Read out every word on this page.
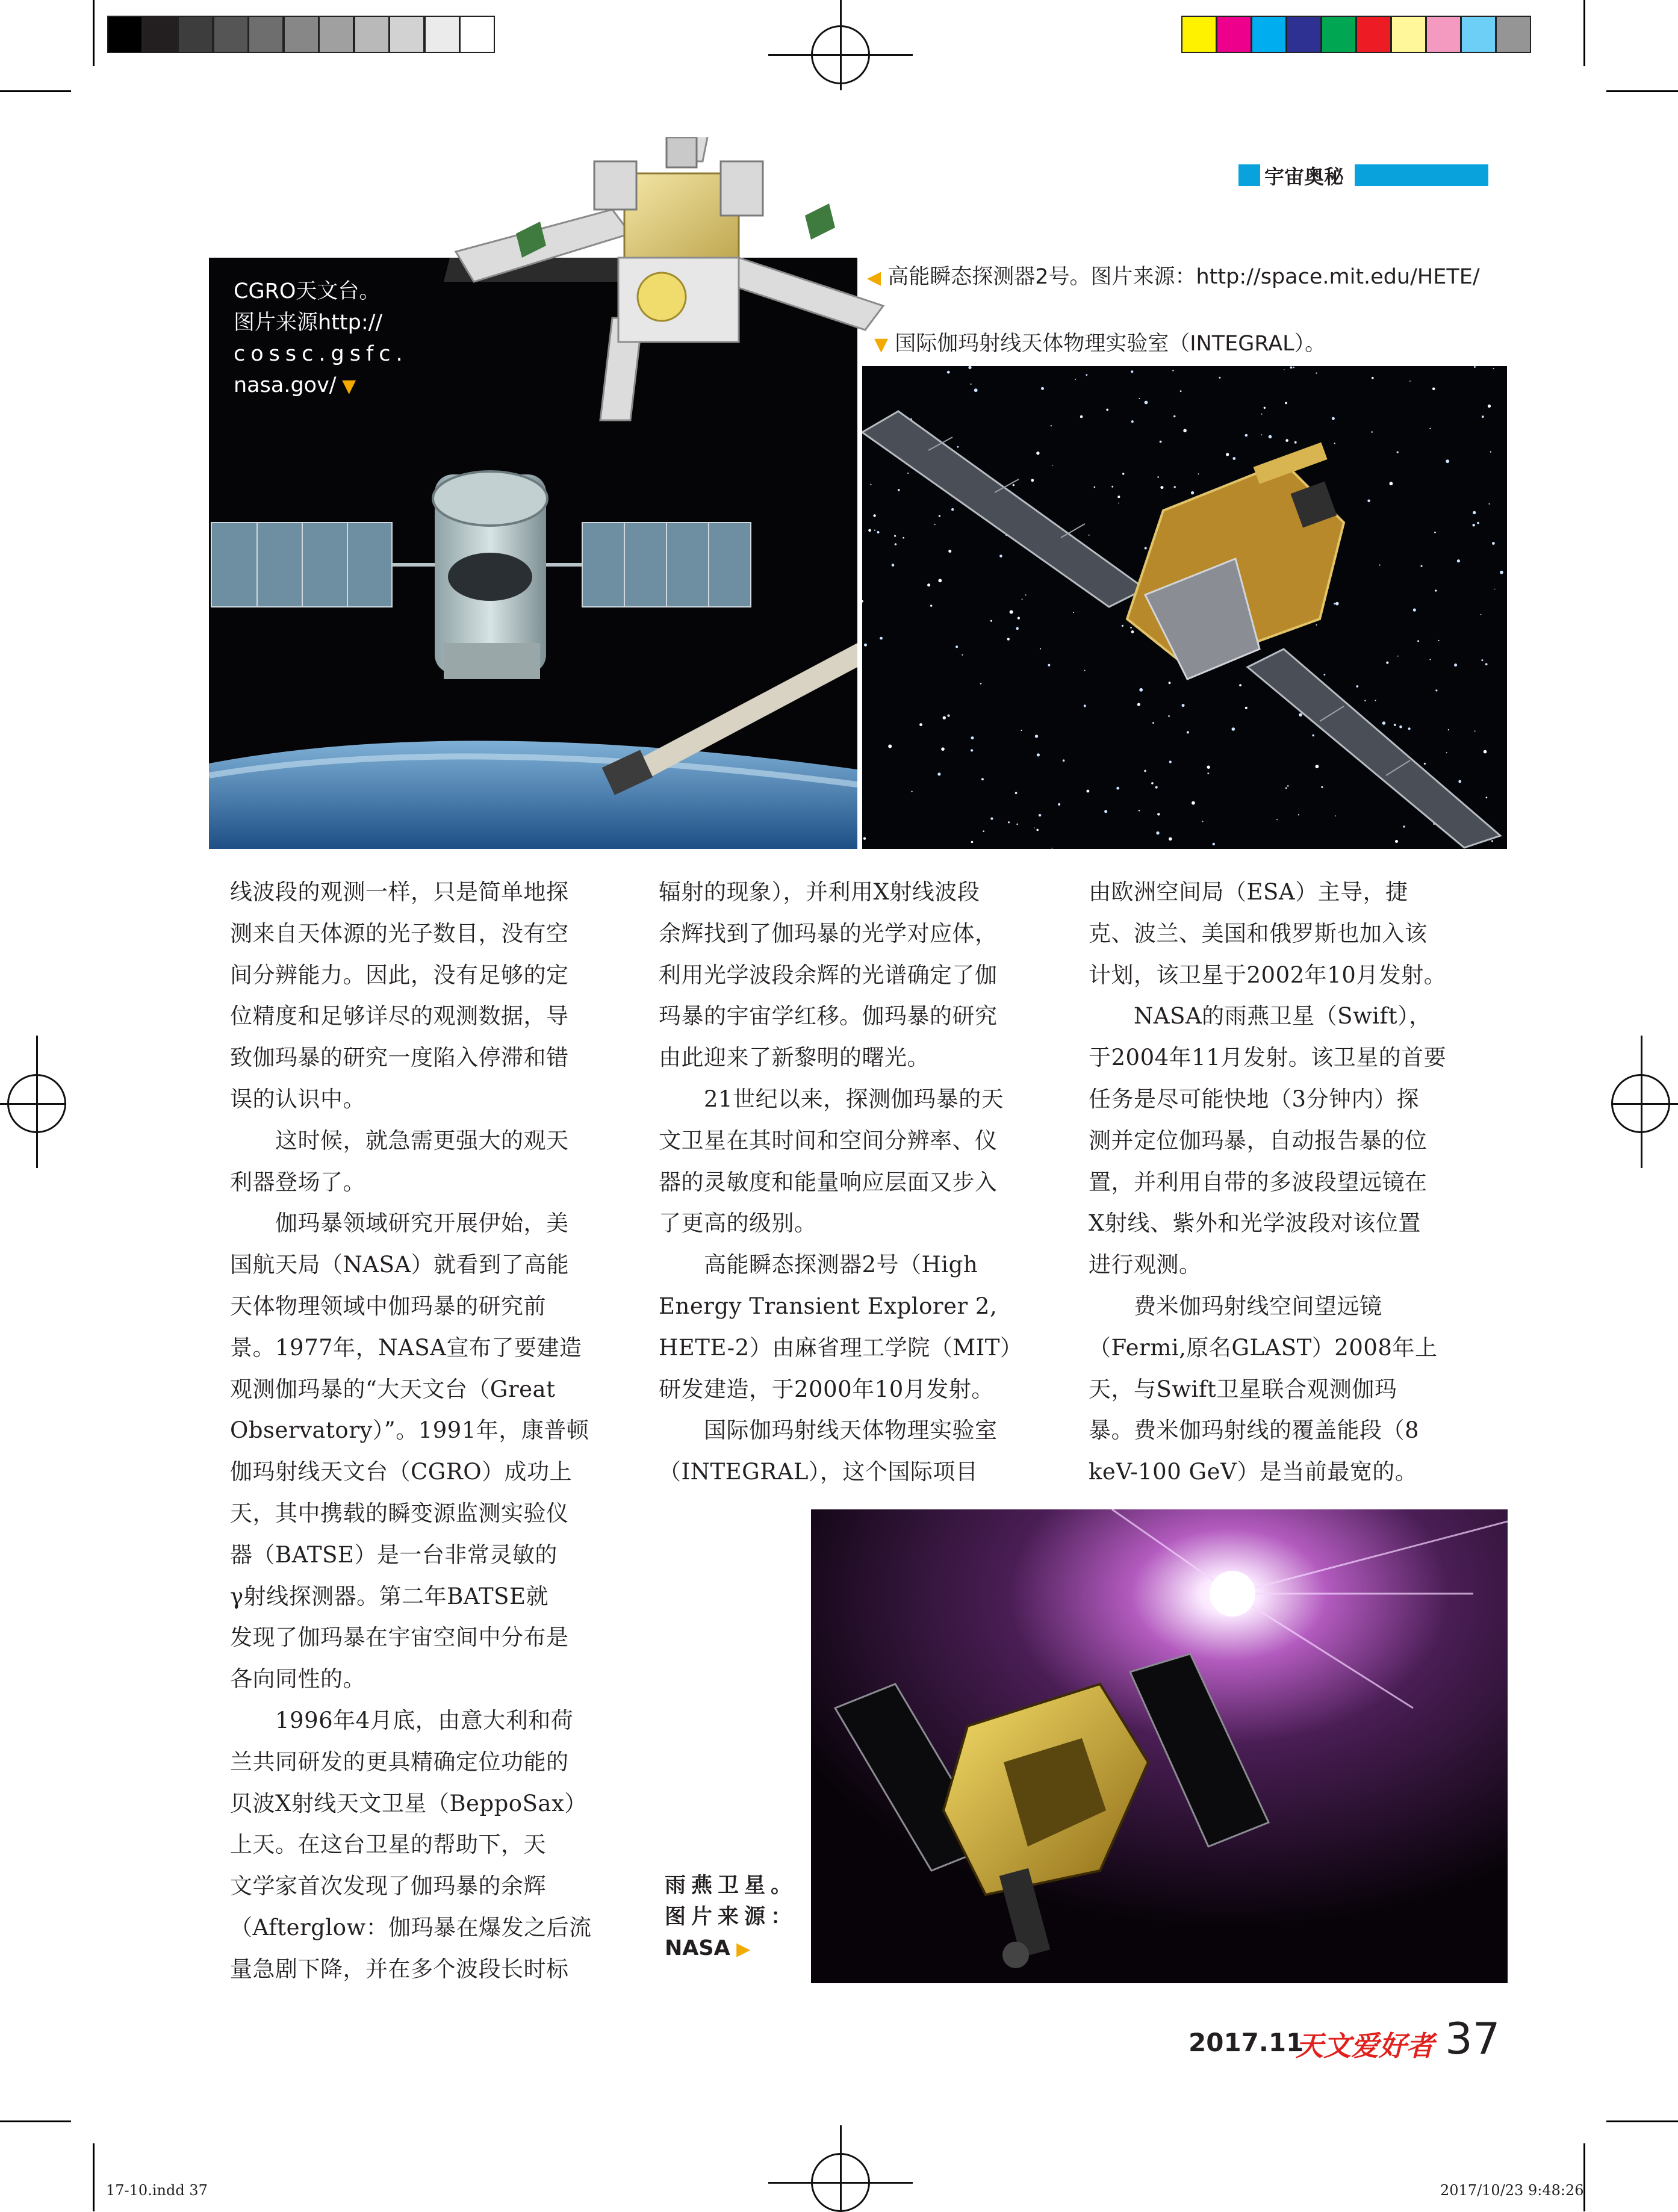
宇宙奥秘
CGRO天文台。
图片来源http://
cossc.gsfc.
nasa.gov/ ▼
◀ 高能瞬态探测器2号。图片来源：http://space.mit.edu/HETE/
▼ 国际伽玛射线天体物理实验室（INTEGRAL）。

线波段的观测一样，只是简单地探

测来自天体源的光子数目，没有空

间分辨能力。因此，没有足够的定

位精度和足够详尽的观测数据，导

致伽玛暴的研究一度陷入停滞和错

误的认识中。

　　这时候，就急需更强大的观天

利器登场了。

　　伽玛暴领域研究开展伊始，美

国航天局（NASA）就看到了高能

天体物理领域中伽玛暴的研究前

景。1977年，NASA宣布了要建造

观测伽玛暴的“大天文台（Great

Observatory）”。1991年，康普顿

伽玛射线天文台（CGRO）成功上

天，其中携载的瞬变源监测实验仪

器（BATSE）是一台非常灵敏的

γ射线探测器。第二年BATSE就

发现了伽玛暴在宇宙空间中分布是

各向同性的。

　　1996年4月底，由意大利和荷

兰共同研发的更具精确定位功能的

贝波X射线天文卫星（BeppoSax）

上天。在这台卫星的帮助下，天

文学家首次发现了伽玛暴的余辉

（Afterglow：伽玛暴在爆发之后流

量急剧下降，并在多个波段长时标

辐射的现象），并利用X射线波段

余辉找到了伽玛暴的光学对应体，

利用光学波段余辉的光谱确定了伽

玛暴的宇宙学红移。伽玛暴的研究

由此迎来了新黎明的曙光。

　　21世纪以来，探测伽玛暴的天

文卫星在其时间和空间分辨率、仪

器的灵敏度和能量响应层面又步入

了更高的级别。

　　高能瞬态探测器2号（High

Energy Transient Explorer 2,

HETE-2）由麻省理工学院（MIT）

研发建造，于2000年10月发射。

　　国际伽玛射线天体物理实验室

（INTEGRAL），这个国际项目

由欧洲空间局（ESA）主导，捷

克、波兰、美国和俄罗斯也加入该

计划，该卫星于2002年10月发射。

　　NASA的雨燕卫星（Swift），

于2004年11月发射。该卫星的首要

任务是尽可能快地（3分钟内）探

测并定位伽玛暴，自动报告暴的位

置，并利用自带的多波段望远镜在

X射线、紫外和光学波段对该位置

进行观测。

　　费米伽玛射线空间望远镜

（Fermi,原名GLAST）2008年上

天，与Swift卫星联合观测伽玛

暴。费米伽玛射线的覆盖能段（8

keV-100 GeV）是当前最宽的。

雨燕卫星。
图片来源：
NASA ▶
2017.11
天文爱好者 37
17-10.indd 37	2017/10/23 9:48:26
